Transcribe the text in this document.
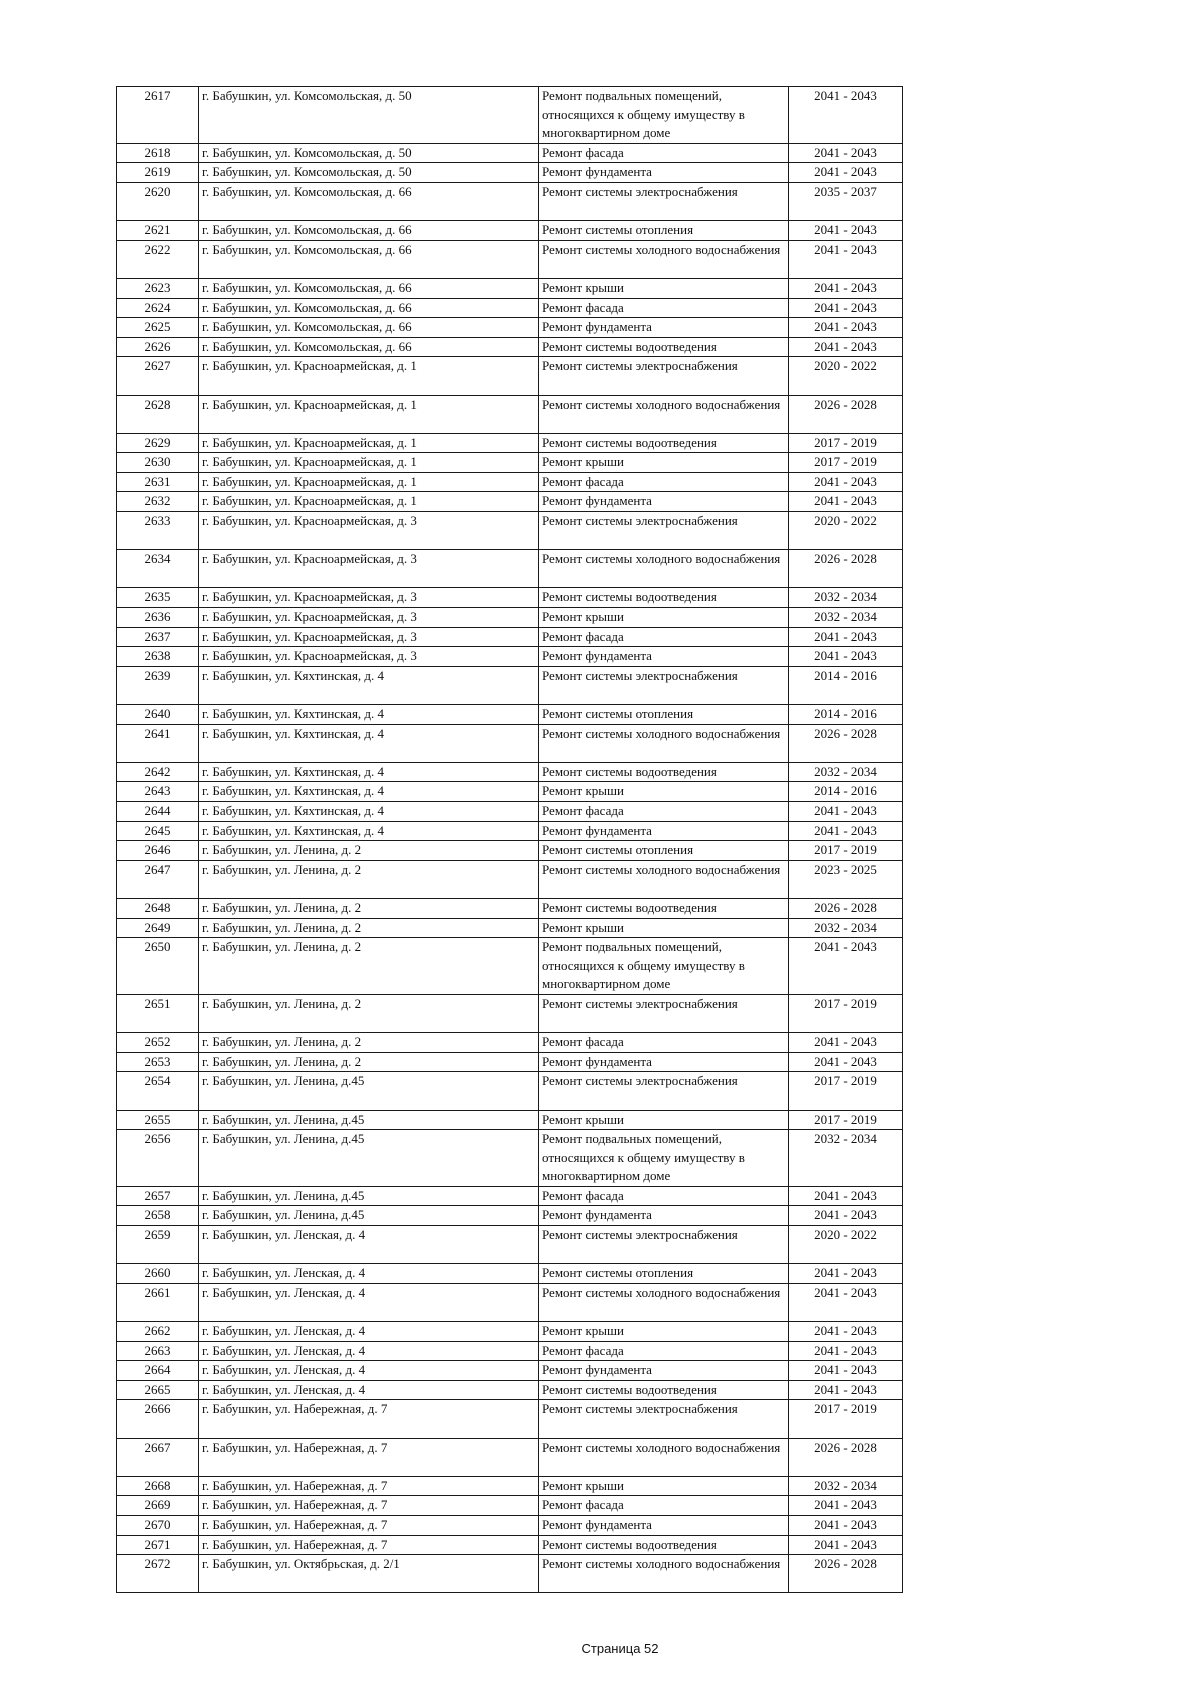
2617	г. Бабушкин, ул. Комсомольская, д. 50	Ремонт подвальных помещений, относящихся к общему имуществу в многоквартирном доме	2041 - 2043
2618	г. Бабушкин, ул. Комсомольская, д. 50	Ремонт фасада	2041 - 2043
2619	г. Бабушкин, ул. Комсомольская, д. 50	Ремонт фундамента	2041 - 2043
2620	г. Бабушкин, ул. Комсомольская, д. 66	Ремонт системы электроснабжения	2035 - 2037
2621	г. Бабушкин, ул. Комсомольская, д. 66	Ремонт системы отопления	2041 - 2043
2622	г. Бабушкин, ул. Комсомольская, д. 66	Ремонт системы холодного водоснабжения	2041 - 2043
2623	г. Бабушкин, ул. Комсомольская, д. 66	Ремонт крыши	2041 - 2043
2624	г. Бабушкин, ул. Комсомольская, д. 66	Ремонт фасада	2041 - 2043
2625	г. Бабушкин, ул. Комсомольская, д. 66	Ремонт фундамента	2041 - 2043
2626	г. Бабушкин, ул. Комсомольская, д. 66	Ремонт системы водоотведения	2041 - 2043
2627	г. Бабушкин, ул. Красноармейская, д. 1	Ремонт системы электроснабжения	2020 - 2022
2628	г. Бабушкин, ул. Красноармейская, д. 1	Ремонт системы холодного водоснабжения	2026 - 2028
2629	г. Бабушкин, ул. Красноармейская, д. 1	Ремонт системы водоотведения	2017 - 2019
2630	г. Бабушкин, ул. Красноармейская, д. 1	Ремонт крыши	2017 - 2019
2631	г. Бабушкин, ул. Красноармейская, д. 1	Ремонт фасада	2041 - 2043
2632	г. Бабушкин, ул. Красноармейская, д. 1	Ремонт фундамента	2041 - 2043
2633	г. Бабушкин, ул. Красноармейская, д. 3	Ремонт системы электроснабжения	2020 - 2022
2634	г. Бабушкин, ул. Красноармейская, д. 3	Ремонт системы холодного водоснабжения	2026 - 2028
2635	г. Бабушкин, ул. Красноармейская, д. 3	Ремонт системы водоотведения	2032 - 2034
2636	г. Бабушкин, ул. Красноармейская, д. 3	Ремонт крыши	2032 - 2034
2637	г. Бабушкин, ул. Красноармейская, д. 3	Ремонт фасада	2041 - 2043
2638	г. Бабушкин, ул. Красноармейская, д. 3	Ремонт фундамента	2041 - 2043
2639	г. Бабушкин, ул. Кяхтинская, д. 4	Ремонт системы электроснабжения	2014 - 2016
2640	г. Бабушкин, ул. Кяхтинская, д. 4	Ремонт системы отопления	2014 - 2016
2641	г. Бабушкин, ул. Кяхтинская, д. 4	Ремонт системы холодного водоснабжения	2026 - 2028
2642	г. Бабушкин, ул. Кяхтинская, д. 4	Ремонт системы водоотведения	2032 - 2034
2643	г. Бабушкин, ул. Кяхтинская, д. 4	Ремонт крыши	2014 - 2016
2644	г. Бабушкин, ул. Кяхтинская, д. 4	Ремонт фасада	2041 - 2043
2645	г. Бабушкин, ул. Кяхтинская, д. 4	Ремонт фундамента	2041 - 2043
2646	г. Бабушкин, ул. Ленина, д. 2	Ремонт системы отопления	2017 - 2019
2647	г. Бабушкин, ул. Ленина, д. 2	Ремонт системы холодного водоснабжения	2023 - 2025
2648	г. Бабушкин, ул. Ленина, д. 2	Ремонт системы водоотведения	2026 - 2028
2649	г. Бабушкин, ул. Ленина, д. 2	Ремонт крыши	2032 - 2034
2650	г. Бабушкин, ул. Ленина, д. 2	Ремонт подвальных помещений, относящихся к общему имуществу в многоквартирном доме	2041 - 2043
2651	г. Бабушкин, ул. Ленина, д. 2	Ремонт системы электроснабжения	2017 - 2019
2652	г. Бабушкин, ул. Ленина, д. 2	Ремонт фасада	2041 - 2043
2653	г. Бабушкин, ул. Ленина, д. 2	Ремонт фундамента	2041 - 2043
2654	г. Бабушкин, ул. Ленина, д.45	Ремонт системы электроснабжения	2017 - 2019
2655	г. Бабушкин, ул. Ленина, д.45	Ремонт крыши	2017 - 2019
2656	г. Бабушкин, ул. Ленина, д.45	Ремонт подвальных помещений, относящихся к общему имуществу в многоквартирном доме	2032 - 2034
2657	г. Бабушкин, ул. Ленина, д.45	Ремонт фасада	2041 - 2043
2658	г. Бабушкин, ул. Ленина, д.45	Ремонт фундамента	2041 - 2043
2659	г. Бабушкин, ул. Ленская, д. 4	Ремонт системы электроснабжения	2020 - 2022
2660	г. Бабушкин, ул. Ленская, д. 4	Ремонт системы отопления	2041 - 2043
2661	г. Бабушкин, ул. Ленская, д. 4	Ремонт системы холодного водоснабжения	2041 - 2043
2662	г. Бабушкин, ул. Ленская, д. 4	Ремонт крыши	2041 - 2043
2663	г. Бабушкин, ул. Ленская, д. 4	Ремонт фасада	2041 - 2043
2664	г. Бабушкин, ул. Ленская, д. 4	Ремонт фундамента	2041 - 2043
2665	г. Бабушкин, ул. Ленская, д. 4	Ремонт системы водоотведения	2041 - 2043
2666	г. Бабушкин, ул. Набережная, д. 7	Ремонт системы электроснабжения	2017 - 2019
2667	г. Бабушкин, ул. Набережная, д. 7	Ремонт системы холодного водоснабжения	2026 - 2028
2668	г. Бабушкин, ул. Набережная, д. 7	Ремонт крыши	2032 - 2034
2669	г. Бабушкин, ул. Набережная, д. 7	Ремонт фасада	2041 - 2043
2670	г. Бабушкин, ул. Набережная, д. 7	Ремонт фундамента	2041 - 2043
2671	г. Бабушкин, ул. Набережная, д. 7	Ремонт системы водоотведения	2041 - 2043
2672	г. Бабушкин, ул. Октябрьская, д. 2/1	Ремонт системы холодного водоснабжения	2026 - 2028
Страница 52
